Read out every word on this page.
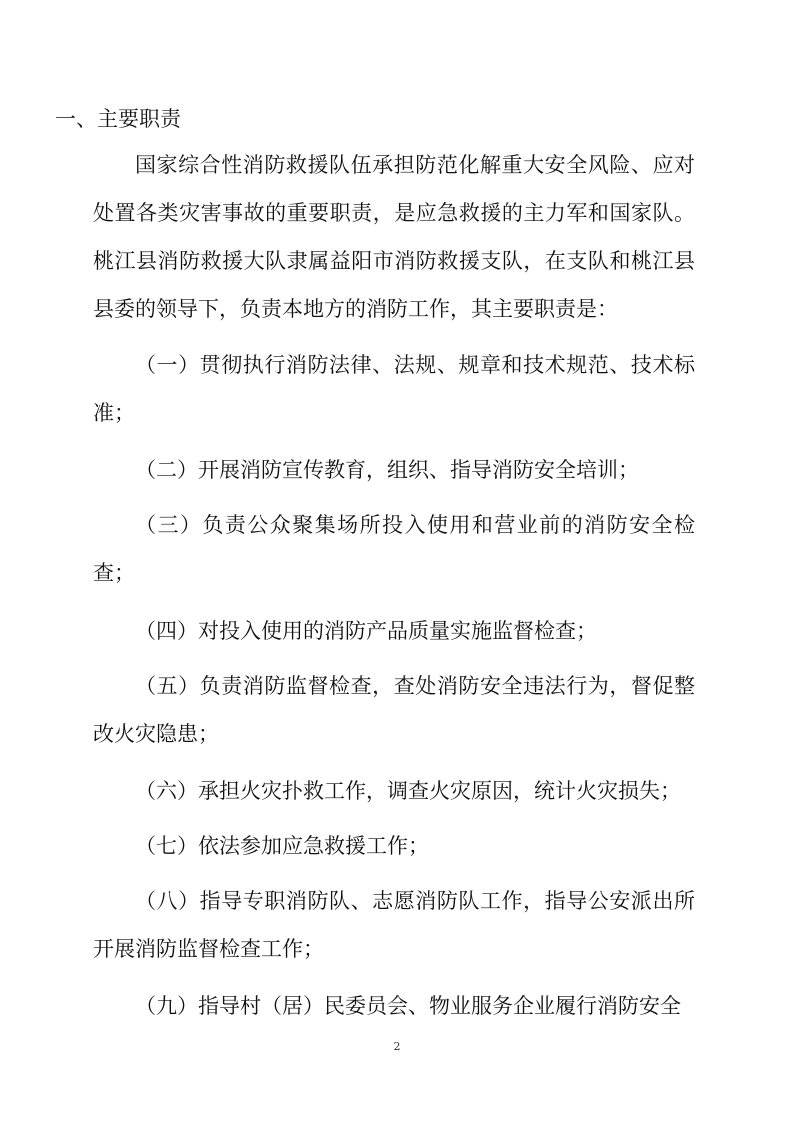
一、主要职责

国家综合性消防救援队伍承担防范化解重大安全风险、应对处置各类灾害事故的重要职责，是应急救援的主力军和国家队。桃江县消防救援大队隶属益阳市消防救援支队，在支队和桃江县县委的领导下，负责本地方的消防工作，其主要职责是：

（一）贯彻执行消防法律、法规、规章和技术规范、技术标准；

（二）开展消防宣传教育，组织、指导消防安全培训；

（三）负责公众聚集场所投入使用和营业前的消防安全检查；

（四）对投入使用的消防产品质量实施监督检查；

（五）负责消防监督检查，查处消防安全违法行为，督促整改火灾隐患；

（六）承担火灾扑救工作，调查火灾原因，统计火灾损失；

（七）依法参加应急救援工作；

（八）指导专职消防队、志愿消防队工作，指导公安派出所开展消防监督检查工作；

（九）指导村（居）民委员会、物业服务企业履行消防安全

2
